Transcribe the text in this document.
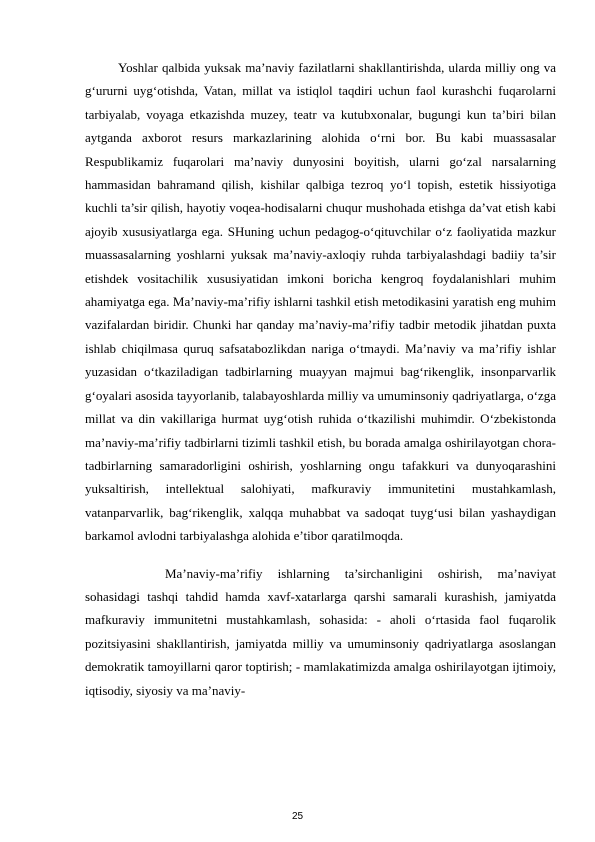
Yoshlar qalbida yuksak ma’naviy fazilatlarni shakllantirishda, ularda milliy ong va g‘ururni uyg‘otishda, Vatan, millat va istiqlol taqdiri uchun faol kurashchi fuqarolarni tarbiyalab, voyaga etkazishda muzey, teatr va kutubxonalar, bugungi kun ta’biri bilan aytganda axborot resurs markazlarining alohida o‘rni bor. Bu kabi muassasalar Respublikamiz fuqarolari ma’naviy dunyosini boyitish, ularni go‘zal narsalarning hammasidan bahramand qilish, kishilar qalbiga tezroq yo‘l topish, estetik hissiyotiga kuchli ta’sir qilish, hayotiy voqea-hodisalarni chuqur mushohada etishga da’vat etish kabi ajoyib xususiyatlarga ega. SHuning uchun pedagog-o‘qituvchilar o‘z faoliyatida mazkur muassasalarning yoshlarni yuksak ma’naviy-axloqiy ruhda tarbiyalashdagi badiiy ta’sir etishdek vositachilik xususiyatidan imkoni boricha kengroq foydalanishlari muhim ahamiyatga ega. Ma’naviy-ma’rifiy ishlarni tashkil etish metodikasini yaratish eng muhim vazifalardan biridir. Chunki har qanday ma’naviy-ma’rifiy tadbir metodik jihatdan puxta ishlab chiqilmasa quruq safsatabozlikdan nariga o‘tmaydi. Ma’naviy va ma’rifiy ishlar yuzasidan o‘tkaziladigan tadbirlarning muayyan majmui bag‘rikenglik, insonparvarlik g‘oyalari asosida tayyorlanib, talabayoshlarda milliy va umuminsoniy qadriyatlarga, o‘zga millat va din vakillariga hurmat uyg‘otish ruhida o‘tkazilishi muhimdir. O‘zbekistonda ma’naviy-ma’rifiy tadbirlarni tizimli tashkil etish, bu borada amalga oshirilayotgan chora-tadbirlarning samaradorligini oshirish, yoshlarning ongu tafakkuri va dunyoqarashini yuksaltirish, intellektual salohiyati, mafkuraviy immunitetini mustahkamlash, vatanparvarlik, bag‘rikenglik, xalqqa muhabbat va sadoqat tuyg‘usi bilan yashaydigan barkamol avlodni tarbiyalashga alohida e’tibor qaratilmoqda.

Ma’naviy-ma’rifiy ishlarning ta’sirchanligini oshirish, ma’naviyat sohasidagi tashqi tahdid hamda xavf-xatarlarga qarshi samarali kurashish, jamiyatda mafkuraviy immunitetni mustahkamlash, sohasida: - aholi o‘rtasida faol fuqarolik pozitsiyasini shakllantirish, jamiyatda milliy va umuminsoniy qadriyatlarga asoslangan demokratik tamoyillarni qaror toptirish; - mamlakatimizda amalga oshirilayotgan ijtimoiy, iqtisodiy, siyosiy va ma’naviy-

25
